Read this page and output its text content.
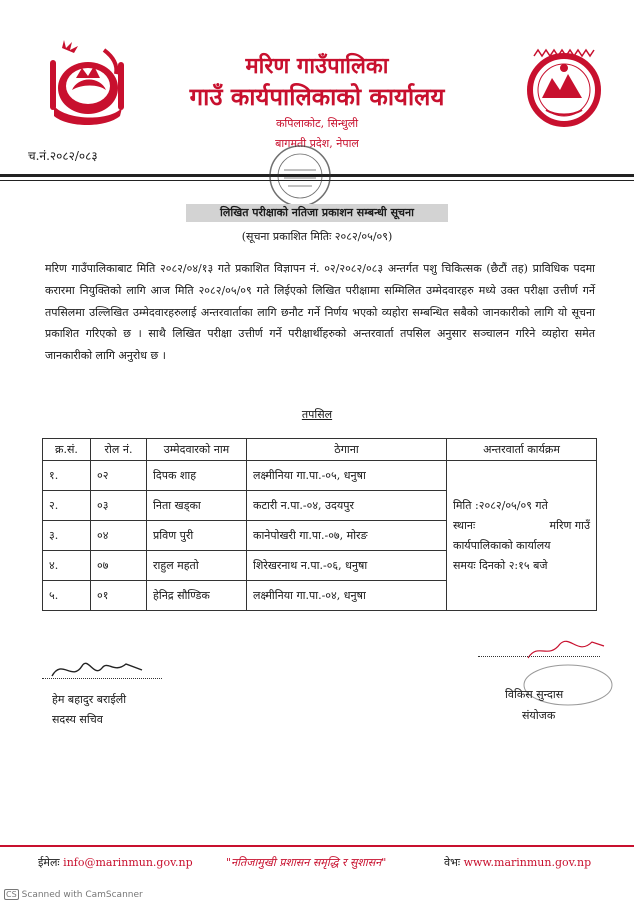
मरिण गाउँपालिका
गाउँ कार्यपालिकाको कार्यालय
कपिलाकोट, सिन्धुली
बागमती प्रदेश, नेपाल
च.नं.२०८२/०८३
लिखित परीक्षाको नतिजा प्रकाशन सम्बन्धी सूचना
(सूचना प्रकाशित मितिः २०८२/०५/०९)

मरिण गाउँपालिकाबाट मिति २०८२/०४/१३ गते प्रकाशित विज्ञापन नं. ०२/२०८२/०८३ अन्तर्गत पशु चिकित्सक (छैटौं तह) प्राविधिक पदमा करारमा नियुक्तिको लागि आज मिति २०८२/०५/०९ गते लिईएको लिखित परीक्षामा सम्मिलित उम्मेदवारहरु मध्ये उक्त परीक्षा उत्तीर्ण गर्ने तपसिलमा उल्लिखित उम्मेदवारहरुलाई अन्तरवार्ताका लागि छनौट गर्ने निर्णय भएको व्यहोरा सम्बन्धित सबैको जानकारीको लागि यो सूचना प्रकाशित गरिएको छ । साथै लिखित परीक्षा उत्तीर्ण गर्ने परीक्षार्थीहरुको अन्तरवार्ता तपसिल अनुसार सञ्चालन गरिने व्यहोरा समेत जानकारीको लागि अनुरोध छ ।

तपसिल
क्र.सं.	रोल नं.	उम्मेदवारको नाम	ठेगाना	अन्तरवार्ता कार्यक्रम
१.	०२	दिपक शाह	लक्ष्मीनिया गा.पा.-०५, धनुषा	मिति :२०८२/०५/०९ गते
स्थानः मरिण गाउँ
कार्यपालिकाको कार्यालय
समयः दिनको २:१५ बजे

२.	०३	निता खड्का	कटारी न.पा.-०४, उदयपुर	
३.	०४	प्रविण पुरी	कानेपोखरी गा.पा.-०७, मोरङ	
४.	०७	राहुल महतो	शिरेखरनाथ न.पा.-०६, धनुषा	
५.	०१	हेनिद्र सौण्डिक	लक्ष्मीनिया गा.पा.-०४, धनुषा	
हेम बहादुर बराईली
सदस्य सचिव
विकिस सुन्दास
संयोजक
ईमेलः info@marinmun.gov.np	"नतिजामुखी प्रशासन समृद्धि र सुशासन"	वेभः www.marinmun.gov.np
CS Scanned with CamScanner
